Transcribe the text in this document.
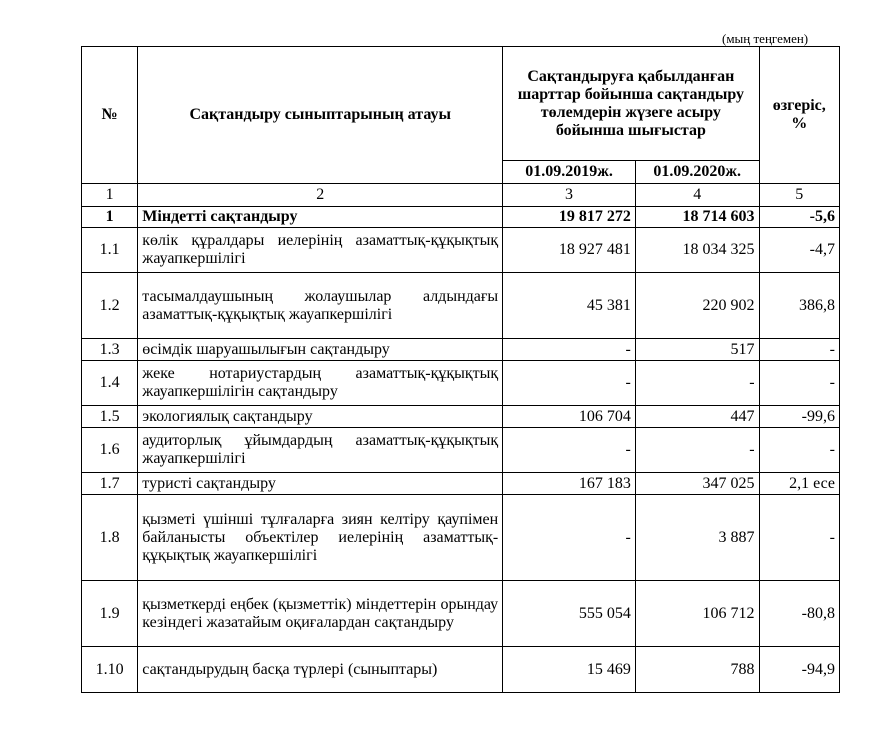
(мың теңгемен)
№	Сақтандыру сыныптарының атауы	Сақтандыруға қабылданған шарттар бойынша сақтандыру төлемдерін жүзеге асыру бойынша шығыстар		өзгеріс, %
		01.09.2019ж.	01.09.2020ж.	
1	2	3	4	5
1	Міндетті сақтандыру	19 817 272	18 714 603	-5,6
1.1	көлік құралдары иелерінің азаматтық-құқықтық жауапкершілігі	18 927 481	18 034 325	-4,7
1.2	тасымалдаушының жолаушылар алдындағы азаматтық-құқықтық жауапкершілігі	45 381	220 902	386,8
1.3	өсімдік шаруашылығын сақтандыру	-	517	-
1.4	жеке нотариустардың азаматтық-құқықтық жауапкершілігін сақтандыру	-	-	-
1.5	экологиялық сақтандыру	106 704	447	-99,6
1.6	аудиторлық ұйымдардың азаматтық-құқықтық жауапкершілігі	-	-	-
1.7	туристі сақтандыру	167 183	347 025	2,1 есе
1.8	қызметі үшінші тұлғаларға зиян келтіру қаупімен байланысты объектілер иелерінің азаматтық-құқықтық жауапкершілігі	-	3 887	-
1.9	қызметкерді еңбек (қызметтік) міндеттерін орындау кезіндегі жазатайым оқиғалардан сақтандыру	555 054	106 712	-80,8
1.10	сақтандырудың басқа түрлері (сыныптары)	15 469	788	-94,9
